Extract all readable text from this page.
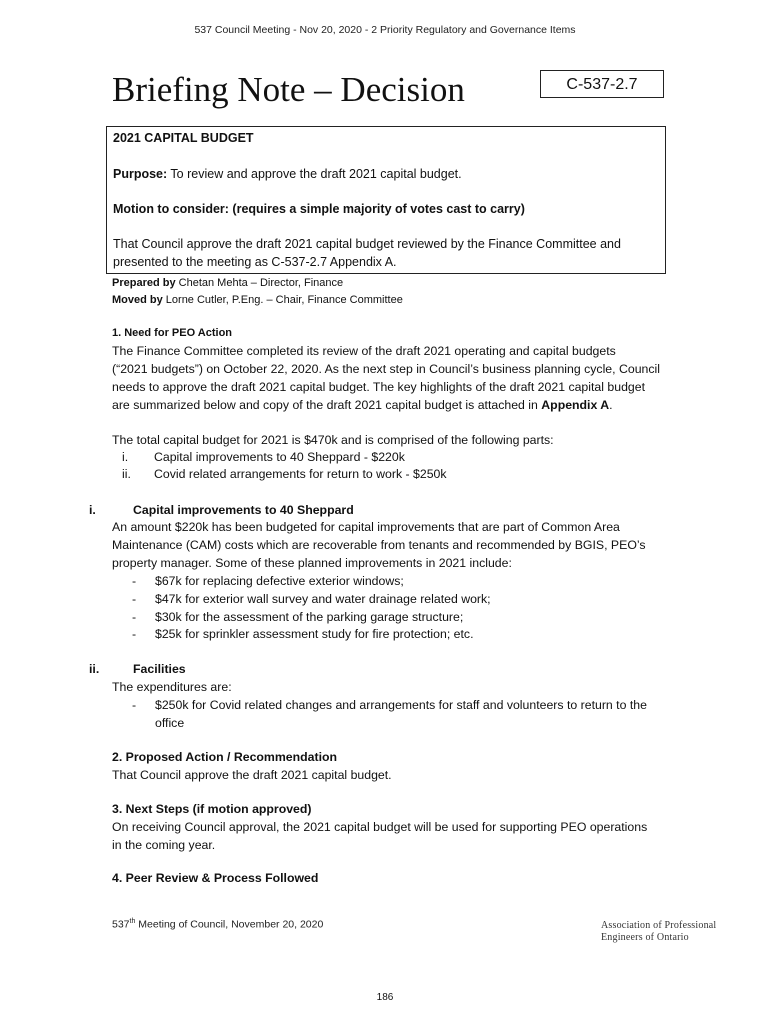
537 Council Meeting - Nov 20, 2020 - 2 Priority Regulatory and Governance Items
Briefing Note – Decision	C-537-2.7
2021 CAPITAL BUDGET
Purpose: To review and approve the draft 2021 capital budget.
Motion to consider: (requires a simple majority of votes cast to carry)
That Council approve the draft 2021 capital budget reviewed by the Finance Committee and
presented to the meeting as C-537-2.7 Appendix A.
Prepared by Chetan Mehta – Director, Finance
Moved by Lorne Cutler, P.Eng. – Chair, Finance Committee
1. Need for PEO Action
The Finance Committee completed its review of the draft 2021 operating and capital budgets
(“2021 budgets”) on October 22, 2020. As the next step in Council’s business planning cycle, Council
needs to approve the draft 2021 capital budget. The key highlights of the draft 2021 capital budget
are summarized below and copy of the draft 2021 capital budget is attached in Appendix A.
The total capital budget for 2021 is $470k and is comprised of the following parts:
i. Capital improvements to 40 Sheppard - $220k
ii. Covid related arrangements for return to work - $250k
i.	Capital improvements to 40 Sheppard
An amount $220k has been budgeted for capital improvements that are part of Common Area
Maintenance (CAM) costs which are recoverable from tenants and recommended by BGIS, PEO’s
property manager. Some of these planned improvements in 2021 include:
- $67k for replacing defective exterior windows;
- $47k for exterior wall survey and water drainage related work;
- $30k for the assessment of the parking garage structure;
- $25k for sprinkler assessment study for fire protection; etc.
ii.	Facilities
The expenditures are:
- $250k for Covid related changes and arrangements for staff and volunteers to return to the
office
2. Proposed Action / Recommendation
That Council approve the draft 2021 capital budget.
3. Next Steps (if motion approved)
On receiving Council approval, the 2021 capital budget will be used for supporting PEO operations
in the coming year.
4. Peer Review & Process Followed
537th Meeting of Council, November 20, 2020	Association of Professional
Engineers of Ontario
186
